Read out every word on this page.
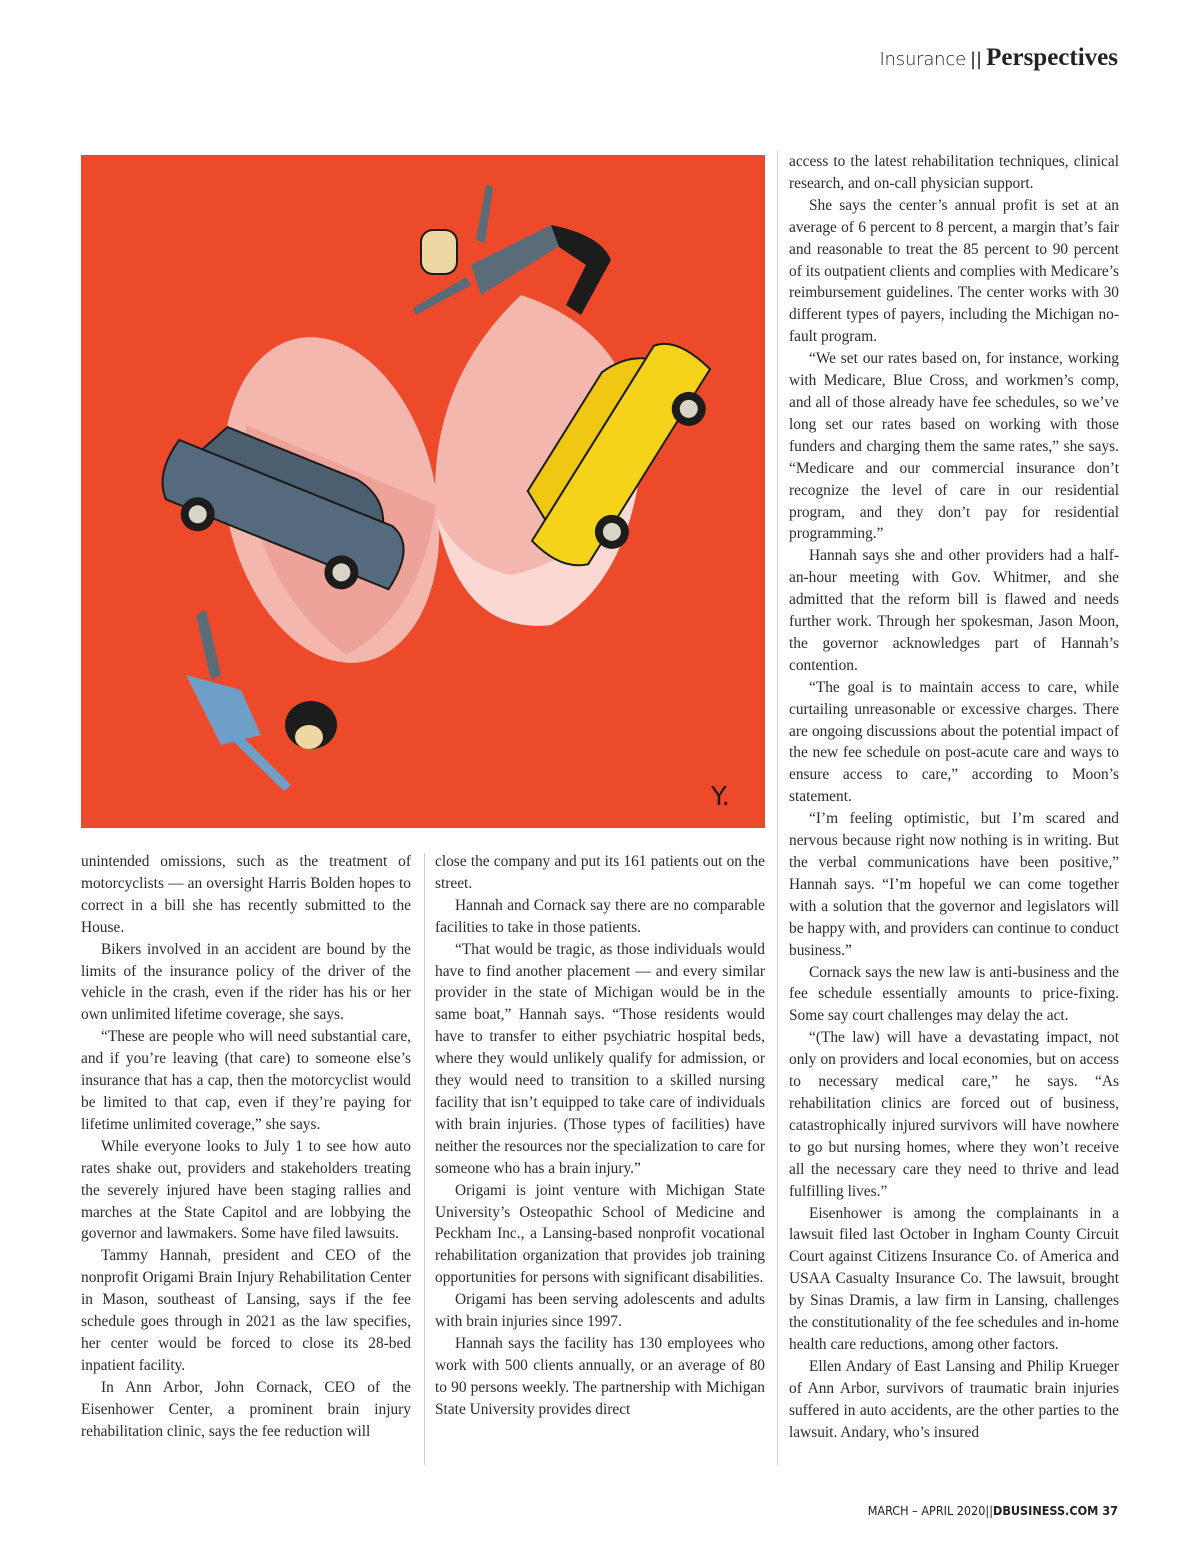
Insurance || Perspectives
Y.

unintended omissions, such as the treatment of motorcyclists — an oversight Harris Bolden hopes to correct in a bill she has recently submitted to the House.

Bikers involved in an accident are bound by the limits of the insurance policy of the driver of the vehicle in the crash, even if the rider has his or her own unlimited lifetime coverage, she says.

“These are people who will need substantial care, and if you’re leaving (that care) to someone else’s insurance that has a cap, then the motorcyclist would be limited to that cap, even if they’re paying for lifetime unlimited coverage,” she says.

While everyone looks to July 1 to see how auto rates shake out, providers and stakeholders treating the severely injured have been staging rallies and marches at the State Capitol and are lobbying the governor and lawmakers. Some have filed lawsuits.

Tammy Hannah, president and CEO of the nonprofit Origami Brain Injury Rehabilitation Center in Mason, southeast of Lansing, says if the fee schedule goes through in 2021 as the law specifies, her center would be forced to close its 28-bed inpatient facility.

In Ann Arbor, John Cornack, CEO of the Eisenhower Center, a prominent brain injury rehabilitation clinic, says the fee reduction will

close the company and put its 161 patients out on the street.

Hannah and Cornack say there are no comparable facilities to take in those patients.

“That would be tragic, as those individuals would have to find another placement — and every similar provider in the state of Michigan would be in the same boat,” Hannah says. “Those residents would have to transfer to either psychiatric hospital beds, where they would unlikely qualify for admission, or they would need to transition to a skilled nursing facility that isn’t equipped to take care of individuals with brain injuries. (Those types of facilities) have neither the resources nor the specialization to care for someone who has a brain injury.”

Origami is joint venture with Michigan State University’s Osteopathic School of Medicine and Peckham Inc., a Lansing-based nonprofit vocational rehabilitation organization that provides job training opportunities for persons with significant disabilities.

Origami has been serving adolescents and adults with brain injuries since 1997.

Hannah says the facility has 130 employees who work with 500 clients annually, or an average of 80 to 90 persons weekly. The partnership with Michigan State University provides direct

access to the latest rehabilitation techniques, clinical research, and on-call physician support.

She says the center’s annual profit is set at an average of 6 percent to 8 percent, a margin that’s fair and reasonable to treat the 85 percent to 90 percent of its outpatient clients and complies with Medicare’s reimbursement guidelines. The center works with 30 different types of payers, including the Michigan no-fault program.

“We set our rates based on, for instance, working with Medicare, Blue Cross, and workmen’s comp, and all of those already have fee schedules, so we’ve long set our rates based on working with those funders and charging them the same rates,” she says. “Medicare and our commercial insurance don’t recognize the level of care in our residential program, and they don’t pay for residential programming.”

Hannah says she and other providers had a half-an-hour meeting with Gov. Whitmer, and she admitted that the reform bill is flawed and needs further work. Through her spokesman, Jason Moon, the governor acknowledges part of Hannah’s contention.

“The goal is to maintain access to care, while curtailing unreasonable or excessive charges. There are ongoing discussions about the potential impact of the new fee schedule on post-acute care and ways to ensure access to care,” according to Moon’s statement.

“I’m feeling optimistic, but I’m scared and nervous because right now nothing is in writing. But the verbal communications have been positive,” Hannah says. “I’m hopeful we can come together with a solution that the governor and legislators will be happy with, and providers can continue to conduct business.”

Cornack says the new law is anti-business and the fee schedule essentially amounts to price-fixing. Some say court challenges may delay the act.

“(The law) will have a devastating impact, not only on providers and local economies, but on access to necessary medical care,” he says. “As rehabilitation clinics are forced out of business, catastrophically injured survivors will have nowhere to go but nursing homes, where they won’t receive all the necessary care they need to thrive and lead fulfilling lives.”

Eisenhower is among the complainants in a lawsuit filed last October in Ingham County Circuit Court against Citizens Insurance Co. of America and USAA Casualty Insurance Co. The lawsuit, brought by Sinas Dramis, a law firm in Lansing, challenges the constitutionality of the fee schedules and in-home health care reductions, among other factors.

Ellen Andary of East Lansing and Philip Krueger of Ann Arbor, survivors of traumatic brain injuries suffered in auto accidents, are the other parties to the lawsuit. Andary, who’s insured

MARCH – APRIL 2020||DBUSINESS.COM 37
